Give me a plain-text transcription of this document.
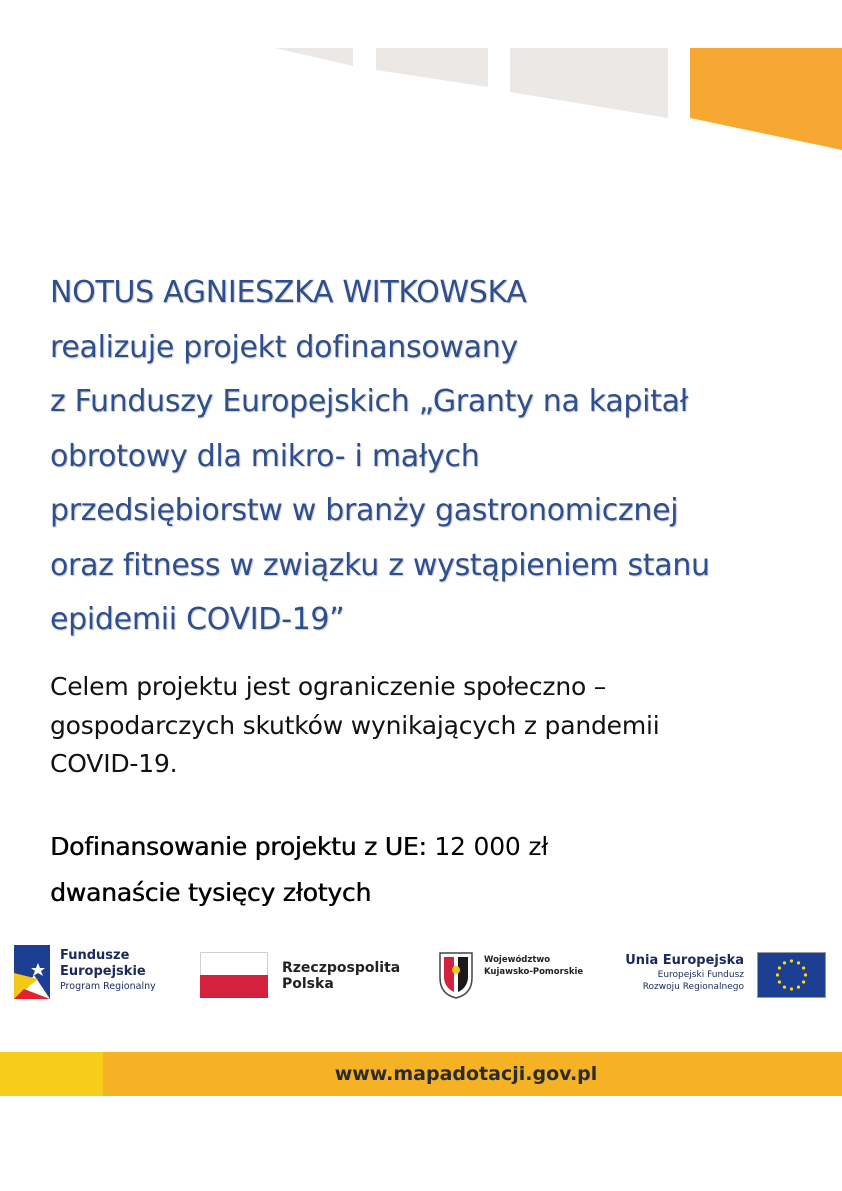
NOTUS AGNIESZKA WITKOWSKA
realizuje projekt dofinansowany
z Funduszy Europejskich „Granty na kapitał
obrotowy dla mikro- i małych
przedsiębiorstw w branży gastronomicznej
oraz fitness w związku z wystąpieniem stanu
epidemii COVID-19”

Celem projektu jest ograniczenie społeczno –
gospodarczych skutków wynikających z pandemii
COVID-19.

Dofinansowanie projektu z UE: 12 000 zł

dwanaście tysięcy złotych

Fundusze
Europejskie
Program Regionalny
Rzeczpospolita
Polska
Województwo
Kujawsko-Pomorskie
Unia Europejska
Europejski Fundusz
Rozwoju Regionalnego
www.mapadotacji.gov.pl
